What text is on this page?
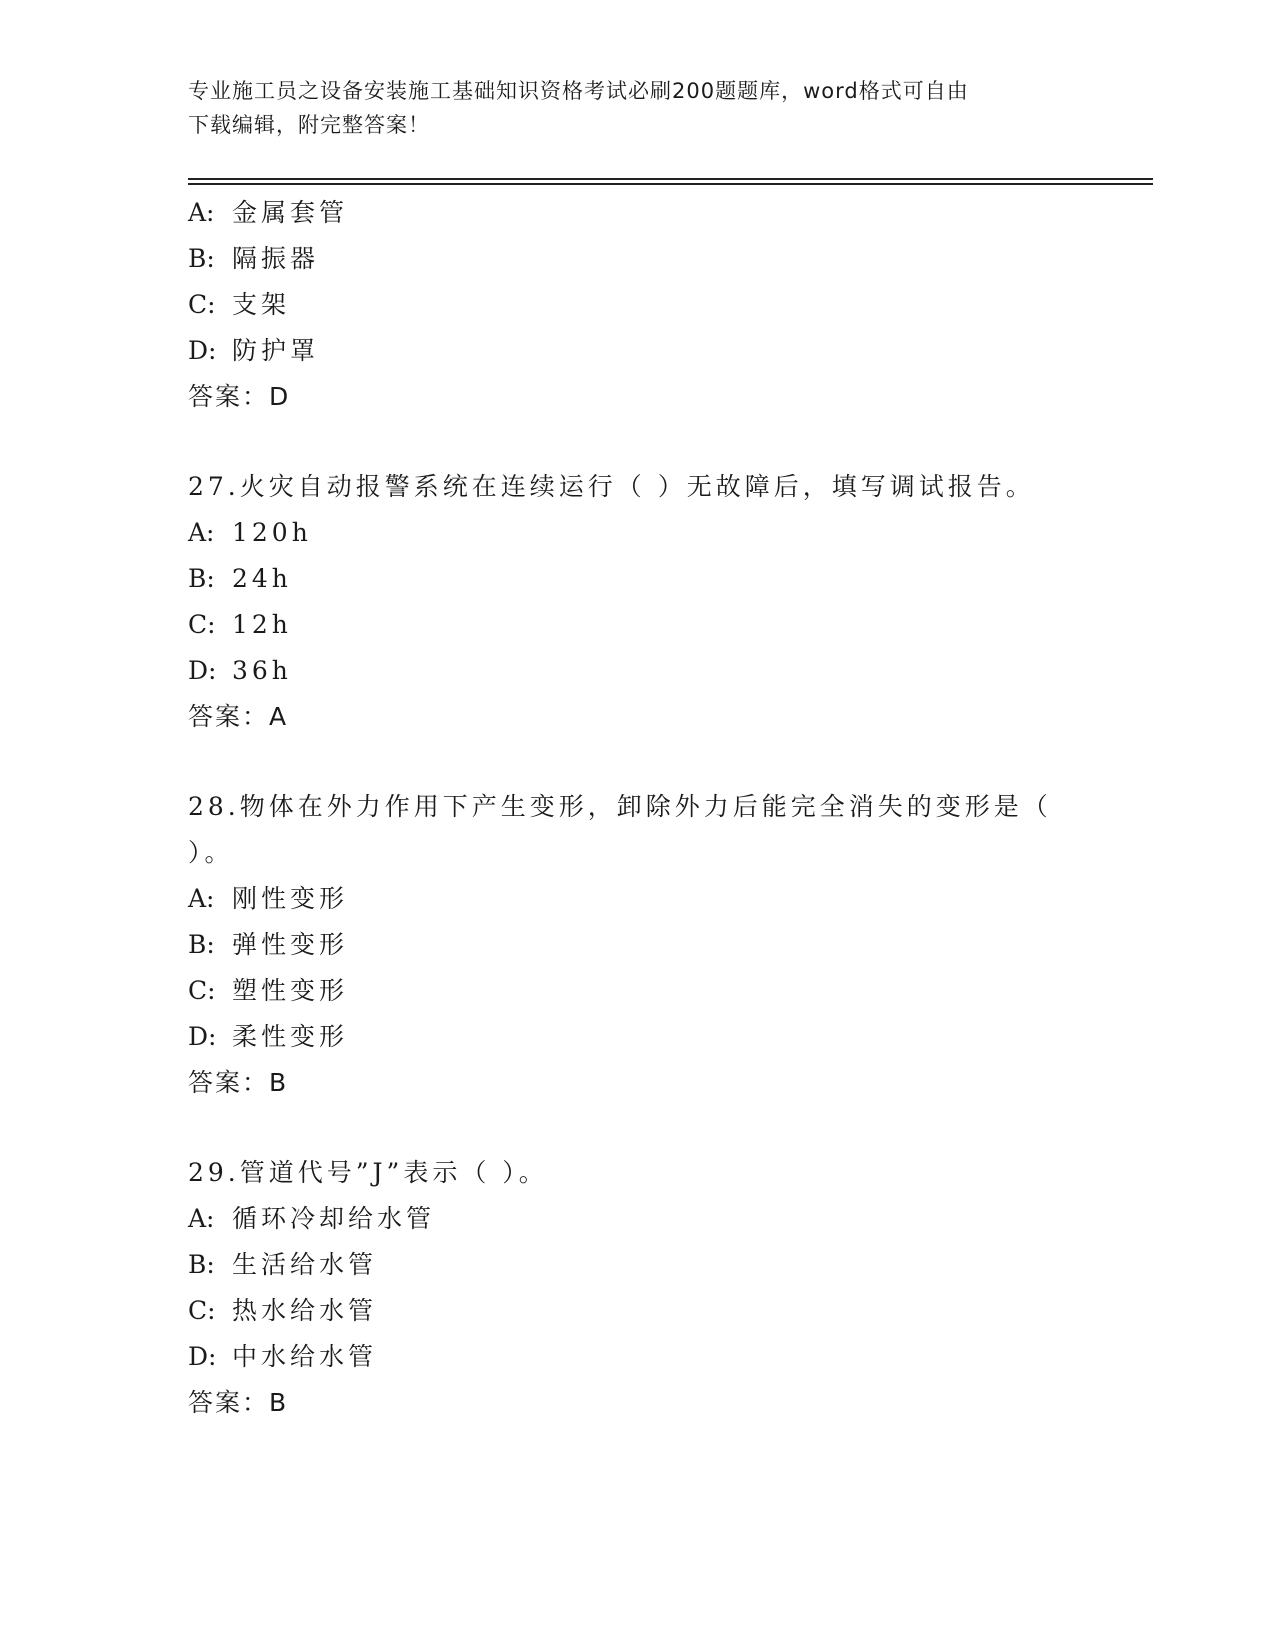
专业施工员之设备安装施工基础知识资格考试必刷200题题库，word格式可自由
下载编辑，附完整答案！
A: 金属套管
B: 隔振器
C: 支架
D: 防护罩
答案：D
27.火灾自动报警系统在连续运行（ ）无故障后，填写调试报告。
A: 120h
B: 24h
C: 12h
D: 36h
答案：A
28.物体在外力作用下产生变形，卸除外力后能完全消失的变形是（
）。
A: 刚性变形
B: 弹性变形
C: 塑性变形
D: 柔性变形
答案：B
29.管道代号”J”表示（ ）。
A: 循环冷却给水管
B: 生活给水管
C: 热水给水管
D: 中水给水管
答案：B
